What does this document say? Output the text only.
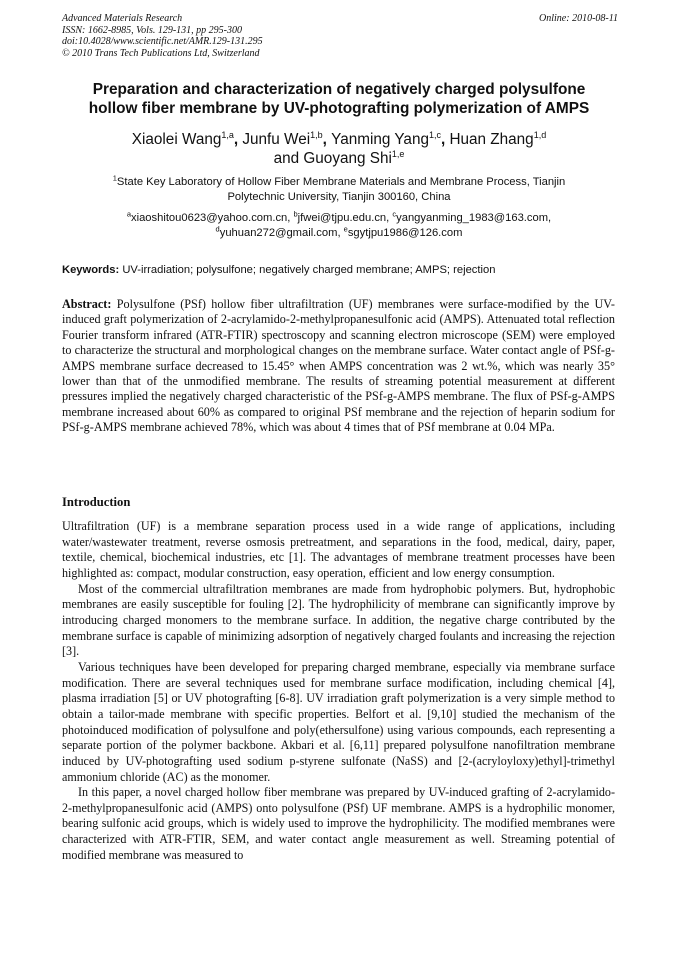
Advanced Materials Research
ISSN: 1662-8985, Vols. 129-131, pp 295-300
doi:10.4028/www.scientific.net/AMR.129-131.295
© 2010 Trans Tech Publications Ltd, Switzerland
Online: 2010-08-11
Preparation and characterization of negatively charged polysulfone
hollow fiber membrane by UV-photografting polymerization of AMPS
Xiaolei Wang$^{1,a}$, Junfu Wei$^{1,b}$, Yanming Yang$^{1,c}$, Huan Zhang$^{1,d}$
and Guoyang Shi$^{1,e}$
$^1$State Key Laboratory of Hollow Fiber Membrane Materials and Membrane Process, Tianjin
Polytechnic University, Tianjin 300160, China
$^a$xiaoshitou0623@yahoo.com.cn, $^b$jfwei@tjpu.edu.cn, $^c$yangyanming_1983@163.com,
$^d$yuhuan272@gmail.com, $^e$sgytjpu1986@126.com
Keywords: UV-irradiation; polysulfone; negatively charged membrane; AMPS; rejection
Abstract: Polysulfone (PSf) hollow fiber ultrafiltration (UF) membranes were surface-modified by the UV-induced graft polymerization of 2-acrylamido-2-methylpropanesulfonic acid (AMPS). Attenuated total reflection Fourier transform infrared (ATR-FTIR) spectroscopy and scanning electron microscope (SEM) were employed to characterize the structural and morphological changes on the membrane surface. Water contact angle of PSf-g-AMPS membrane surface decreased to 15.45° when AMPS concentration was 2 wt.%, which was nearly 35° lower than that of the unmodified membrane. The results of streaming potential measurement at different pressures implied the negatively charged characteristic of the PSf-g-AMPS membrane. The flux of PSf-g-AMPS membrane increased about 60% as compared to original PSf membrane and the rejection of heparin sodium for PSf-g-AMPS membrane achieved 78%, which was about 4 times that of PSf membrane at 0.04 MPa.
Introduction

Ultrafiltration (UF) is a membrane separation process used in a wide range of applications, including water/wastewater treatment, reverse osmosis pretreatment, and separations in the food, medical, dairy, paper, textile, chemical, biochemical industries, etc [1]. The advantages of membrane treatment processes have been highlighted as: compact, modular construction, easy operation, efficient and low energy consumption.

Most of the commercial ultrafiltration membranes are made from hydrophobic polymers. But, hydrophobic membranes are easily susceptible for fouling [2]. The hydrophilicity of membrane can significantly improve by introducing charged monomers to the membrane surface. In addition, the negative charge contributed by the membrane surface is capable of minimizing adsorption of negatively charged foulants and increasing the rejection [3].

Various techniques have been developed for preparing charged membrane, especially via membrane surface modification. There are several techniques used for membrane surface modification, including chemical [4], plasma irradiation [5] or UV photografting [6-8]. UV irradiation graft polymerization is a very simple method to obtain a tailor-made membrane with specific properties. Belfort et al. [9,10] studied the mechanism of the photoinduced modification of polysulfone and poly(ethersulfone) using various compounds, each representing a separate portion of the polymer backbone. Akbari et al. [6,11] prepared polysulfone nanofiltration membrane induced by UV-photografting used sodium p-styrene sulfonate (NaSS) and [2-(acryloyloxy)ethyl]-trimethyl ammonium chloride (AC) as the monomer.

In this paper, a novel charged hollow fiber membrane was prepared by UV-induced grafting of 2-acrylamido-2-methylpropanesulfonic acid (AMPS) onto polysulfone (PSf) UF membrane. AMPS is a hydrophilic monomer, bearing sulfonic acid groups, which is widely used to improve the hydrophilicity. The modified membranes were characterized with ATR-FTIR, SEM, and water contact angle measurement as well. Streaming potential of modified membrane was measured to
